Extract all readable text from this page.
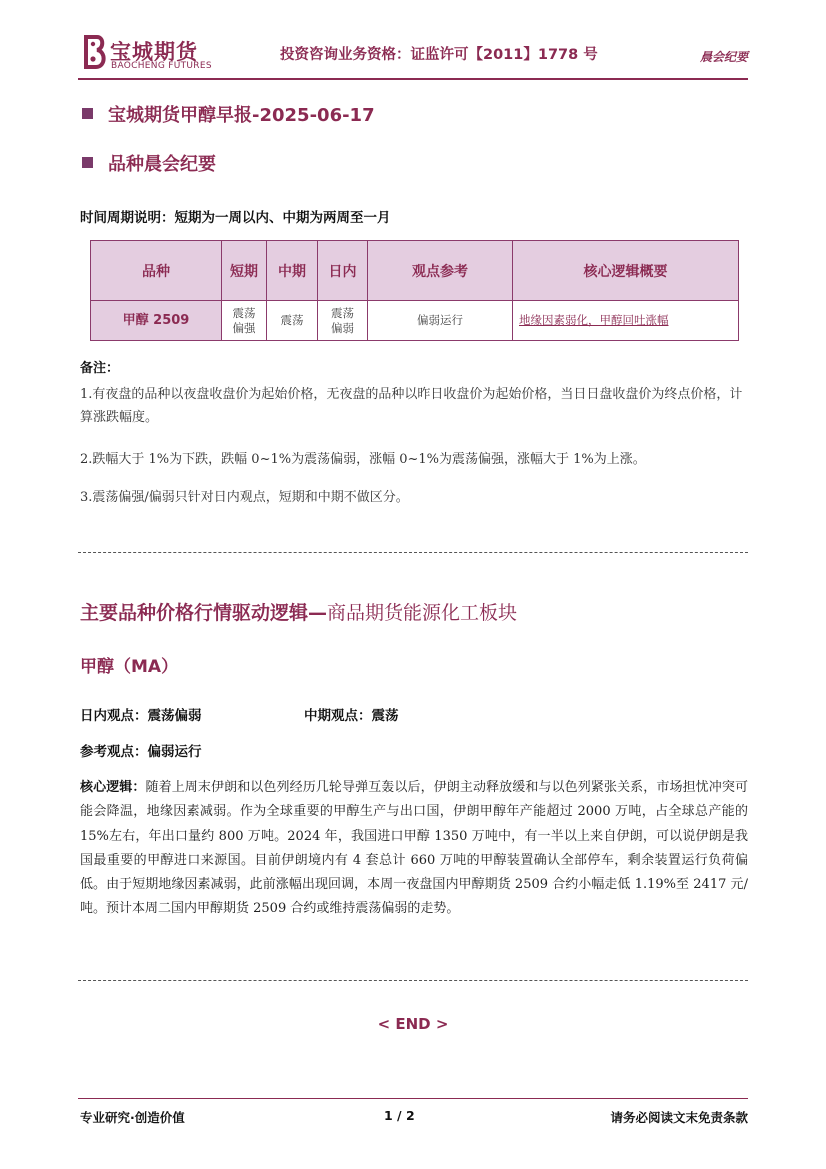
宝城期货
BAOCHENG FUTURES
投资咨询业务资格：证监许可【2011】1778 号	晨会纪要
宝城期货甲醇早报-2025-06-17
品种晨会纪要
时间周期说明：短期为一周以内、中期为两周至一月
品种	短期	中期	日内	观点参考	核心逻辑概要
甲醇 2509	震荡偏强	震荡	震荡偏弱	偏弱运行	地缘因素弱化，甲醇回吐涨幅
备注：
1.有夜盘的品种以夜盘收盘价为起始价格，无夜盘的品种以昨日收盘价为起始价格，当日日盘收盘价为终点价格，计算涨跌幅度。
2.跌幅大于 1%为下跌，跌幅 0~1%为震荡偏弱，涨幅 0~1%为震荡偏强，涨幅大于 1%为上涨。
3.震荡偏强/偏弱只针对日内观点，短期和中期不做区分。
主要品种价格行情驱动逻辑—商品期货能源化工板块
甲醇（MA）
日内观点：震荡偏弱	中期观点：震荡
参考观点：偏弱运行
核心逻辑：随着上周末伊朗和以色列经历几轮导弹互轰以后，伊朗主动释放缓和与以色列紧张关系，市场担忧冲突可能会降温，地缘因素减弱。作为全球重要的甲醇生产与出口国，伊朗甲醇年产能超过 2000 万吨，占全球总产能的 15%左右，年出口量约 800 万吨。2024 年，我国进口甲醇 1350 万吨中，有一半以上来自伊朗，可以说伊朗是我国最重要的甲醇进口来源国。目前伊朗境内有 4 套总计 660 万吨的甲醇装置确认全部停车，剩余装置运行负荷偏低。由于短期地缘因素减弱，此前涨幅出现回调，本周一夜盘国内甲醇期货 2509 合约小幅走低 1.19%至 2417 元/吨。预计本周二国内甲醇期货 2509 合约或维持震荡偏弱的走势。
< END >
专业研究·创造价值	1 / 2	请务必阅读文末免责条款
